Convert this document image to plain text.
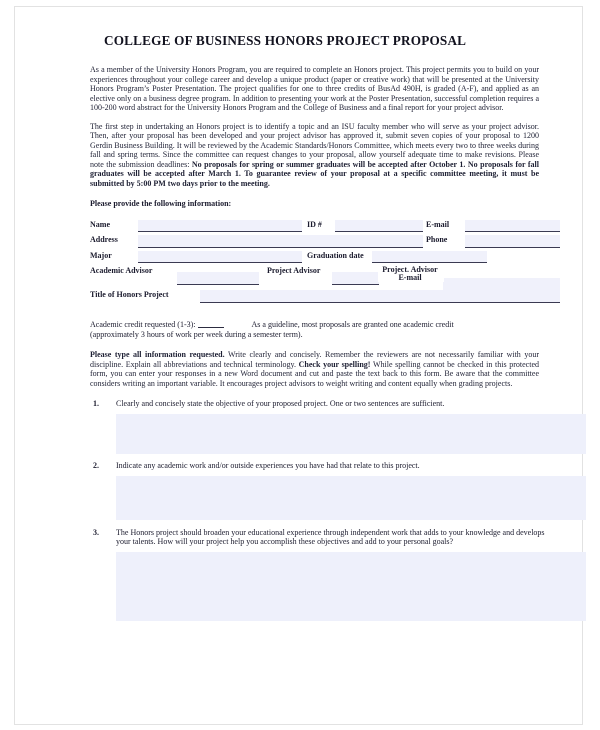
COLLEGE OF BUSINESS HONORS PROJECT PROPOSAL
As a member of the University Honors Program, you are required to complete an Honors project. This project permits you to build on your experiences throughout your college career and develop a unique product (paper or creative work) that will be presented at the University Honors Program’s Poster Presentation. The project qualifies for one to three credits of BusAd 490H, is graded (A-F), and applied as an elective only on a business degree program. In addition to presenting your work at the Poster Presentation, successful completion requires a 100-200 word abstract for the University Honors Program and the College of Business and a final report for your project advisor.
The first step in undertaking an Honors project is to identify a topic and an ISU faculty member who will serve as your project advisor. Then, after your proposal has been developed and your project advisor has approved it, submit seven copies of your proposal to 1200 Gerdin Business Building. It will be reviewed by the Academic Standards/Honors Committee, which meets every two to three weeks during fall and spring terms. Since the committee can request changes to your proposal, allow yourself adequate time to make revisions. Please note the submission deadlines: No proposals for spring or summer graduates will be accepted after October 1. No proposals for fall graduates will be accepted after March 1. To guarantee review of your proposal at a specific committee meeting, it must be submitted by 5:00 PM two days prior to the meeting.
Please provide the following information:
Name	ID #	E-mail
Address	Phone
Major	Graduation date
Academic Advisor	Project Advisor	Project. Advisor
E-mail
Title of Honors Project
Academic credit requested (1-3):	As a guideline, most proposals are granted one academic credit
(approximately 3 hours of work per week during a semester term).
Please type all information requested. Write clearly and concisely. Remember the reviewers are not necessarily familiar with your discipline. Explain all abbreviations and technical terminology. Check your spelling! While spelling cannot be checked in this protected form, you can enter your responses in a new Word document and cut and paste the text back to this form. Be aware that the committee considers writing an important variable. It encourages project advisors to weight writing and content equally when grading projects.
1. Clearly and concisely state the objective of your proposed project. One or two sentences are sufficient.
2. Indicate any academic work and/or outside experiences you have had that relate to this project.
3. The Honors project should broaden your educational experience through independent work that adds to your knowledge and develops your talents. How will your project help you accomplish these objectives and add to your personal goals?
